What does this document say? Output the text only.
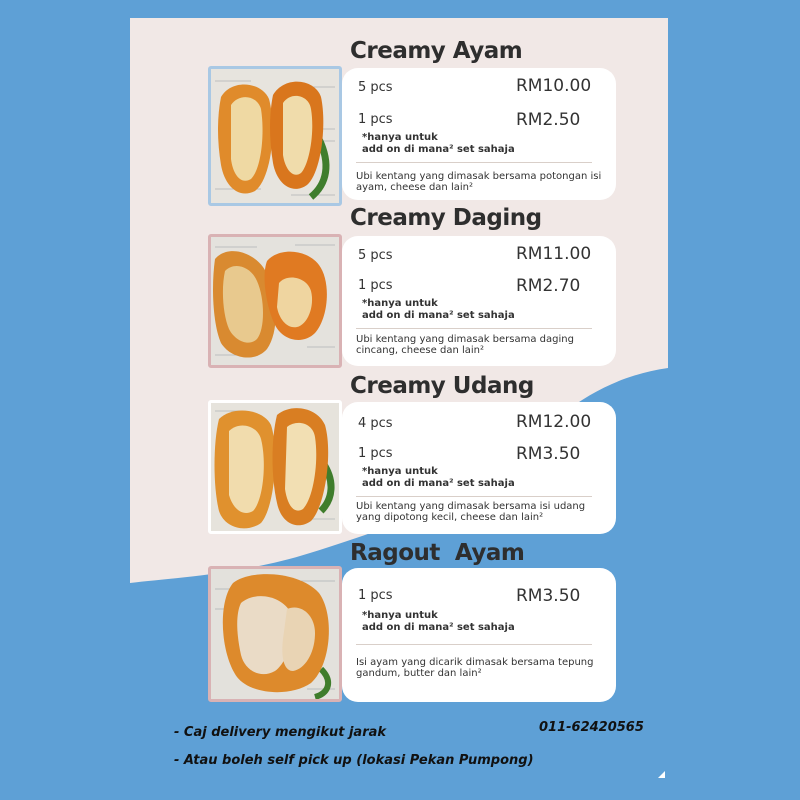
Creamy Ayam
5 pcs	RM10.00
1 pcs	RM2.50
*hanya untuk
add on di mana² set sahaja
Ubi kentang yang dimasak bersama potongan isi ayam, cheese dan lain²
Creamy Daging
5 pcs	RM11.00
1 pcs	RM2.70
*hanya untuk
add on di mana² set sahaja
Ubi kentang yang dimasak bersama daging cincang, cheese dan lain²
Creamy Udang
4 pcs	RM12.00
1 pcs	RM3.50
*hanya untuk
add on di mana² set sahaja
Ubi kentang yang dimasak bersama isi udang yang dipotong kecil, cheese dan lain²
Ragout  Ayam
1 pcs	RM3.50
*hanya untuk
add on di mana² set sahaja
Isi ayam yang dicarik dimasak bersama tepung gandum, butter dan lain²
- Caj delivery mengikut jarak
- Atau boleh self pick up (lokasi Pekan Pumpong)
011-62420565
